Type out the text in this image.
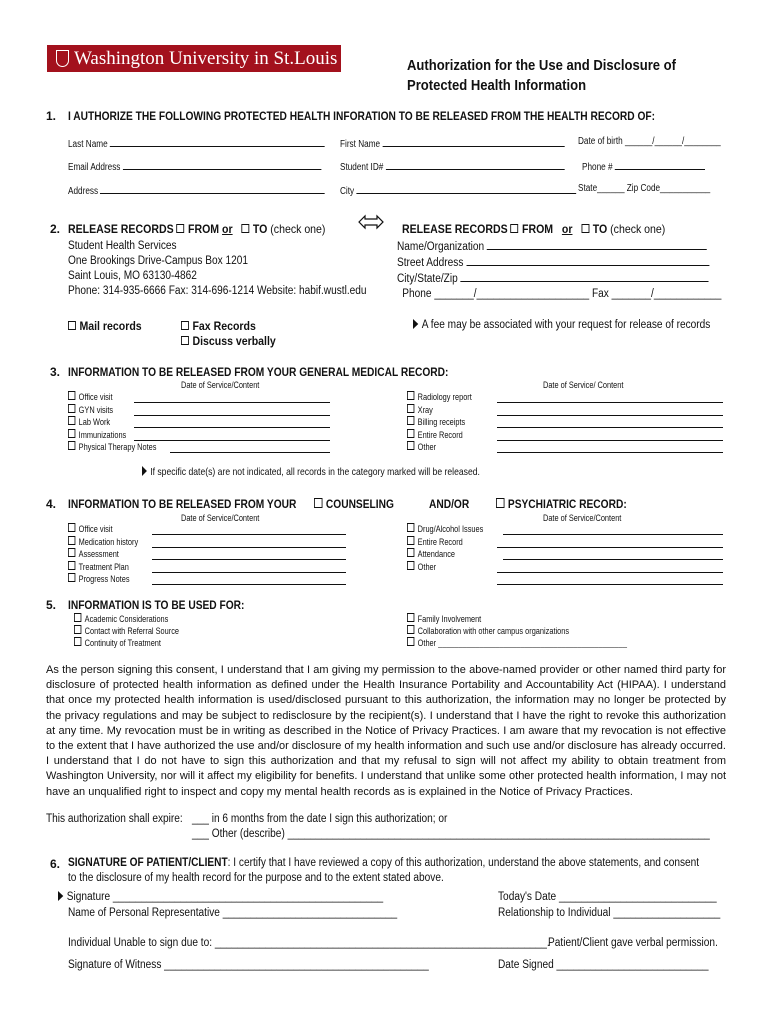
Washington University in St.Louis	Authorization for the Use and Disclosure of
Protected Health Information
1. I AUTHORIZE THE FOLLOWING PROTECTED HEALTH INFORATION TO BE RELEASED FROM THE HEALTH RECORD OF:
Last Name	First Name	Date of birth ______/______/________
Email Address	Student ID#	Phone #
Address	City	State______ Zip Code___________
2. RELEASE RECORDS FROM or TO (check one)	RELEASE RECORDS FROM or TO (check one)
Student Health Services
One Brookings Drive-Campus Box 1201
Saint Louis, MO 63130-4862
Phone: 314-935-6666 Fax: 314-696-1214 Website: habif.wustl.edu
Name/Organization
Street Address
City/State/Zip
Phone _______/____________________ Fax _______/____________
Mail records	Fax Records
Discuss verbally
A fee may be associated with your request for release of records
3. INFORMATION TO BE RELEASED FROM YOUR GENERAL MEDICAL RECORD:
Date of Service/Content	Date of Service/ Content
Office visit
GYN visits
Lab Work
Immunizations
Physical Therapy Notes
Radiology report
Xray
Billing receipts
Entire Record
Other
If specific date(s) are not indicated, all records in the category marked will be released.
4. INFORMATION TO BE RELEASED FROM YOUR	COUNSELING	AND/OR	PSYCHIATRIC RECORD:
Date of Service/Content	Date of Service/Content
Office visit
Medication history
Assessment
Treatment Plan
Progress Notes
Drug/Alcohol Issues
Entire Record
Attendance
Other
5. INFORMATION IS TO BE USED FOR:
Academic Considerations
Contact with Referral Source
Continuity of Treatment
Family Involvement
Collaboration with other campus organizations
Other ______________________________________________
As the person signing this consent, I understand that I am giving my permission to the above-named provider or other named third party for disclosure of protected health information as defined under the Health Insurance Portability and Accountability Act (HIPAA). I understand that once my protected health information is used/disclosed pursuant to this authorization, the information may no longer be protected by the privacy regulations and may be subject to redisclosure by the recipient(s). I understand that I have the right to revoke this authorization at any time. My revocation must be in writing as described in the Notice of Privacy Practices. I am aware that my revocation is not effective to the extent that I have authorized the use and/or disclosure of my health information and such use and/or disclosure has already occurred. I understand that I do not have to sign this authorization and that my refusal to sign will not affect my ability to obtain treatment from Washington University, nor will it affect my eligibility for benefits. I understand that unlike some other protected health information, I may not have an unqualified right to inspect and copy my mental health records as is explained in the Notice of Privacy Practices.
This authorization shall expire: ___ in 6 months from the date I sign this authorization; or
___ Other (describe) ___________________________________________________________________________
6. SIGNATURE OF PATIENT/CLIENT: I certify that I have reviewed a copy of this authorization, understand the above statements, and consent
to the disclosure of my health record for the purpose and to the extent stated above.
Signature ________________________________________________
Name of Personal Representative _______________________________
Today's Date ____________________________
Relationship to Individual ___________________
Individual Unable to sign due to: ___________________________________________________________.
Patient/Client gave verbal permission.
Signature of Witness _______________________________________________	Date Signed ___________________________
